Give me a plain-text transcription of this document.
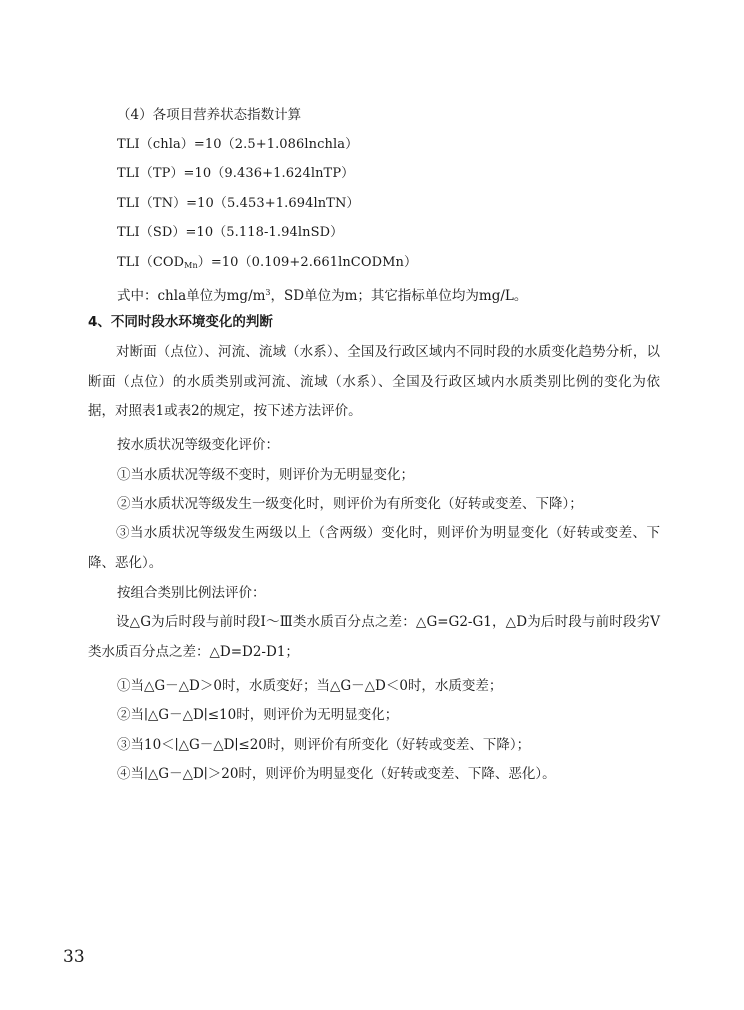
（4）各项目营养状态指数计算
TLI（chla）=10（2.5+1.086lnchla）
TLI（TP）=10（9.436+1.624lnTP）
TLI（TN）=10（5.453+1.694lnTN）
TLI（SD）=10（5.118-1.94lnSD）
$TLI(COD_{Mn})=10(0.109+2.661lnCODMn)$
式中：chla单位为$mg/m^3$，SD单位为m；其它指标单位均为mg/L。
4、不同时段水环境变化的判断

对断面（点位）、河流、流域（水系）、全国及行政区域内不同时段的水质变化趋势分析，以断面（点位）的水质类别或河流、流域（水系）、全国及行政区域内水质类别比例的变化为依据，对照表1或表2的规定，按下述方法评价。

按水质状况等级变化评价：
①当水质状况等级不变时，则评价为无明显变化；
②当水质状况等级发生一级变化时，则评价为有所变化（好转或变差、下降）；

③当水质状况等级发生两级以上（含两级）变化时，则评价为明显变化（好转或变差、下降、恶化）。

按组合类别比例法评价：

设△G为后时段与前时段Ⅰ～Ⅲ类水质百分点之差：△G=G2-G1，△D为后时段与前时段劣Ⅴ类水质百分点之差：△D=D2-D1；

①当△G－△D＞0时，水质变好；当△G－△D＜0时，水质变差；
②当∣△G－△D∣≤10时，则评价为无明显变化；
③当10＜∣△G－△D∣≤20时，则评价有所变化（好转或变差、下降）；
④当∣△G－△D∣＞20时，则评价为明显变化（好转或变差、下降、恶化）。
33
